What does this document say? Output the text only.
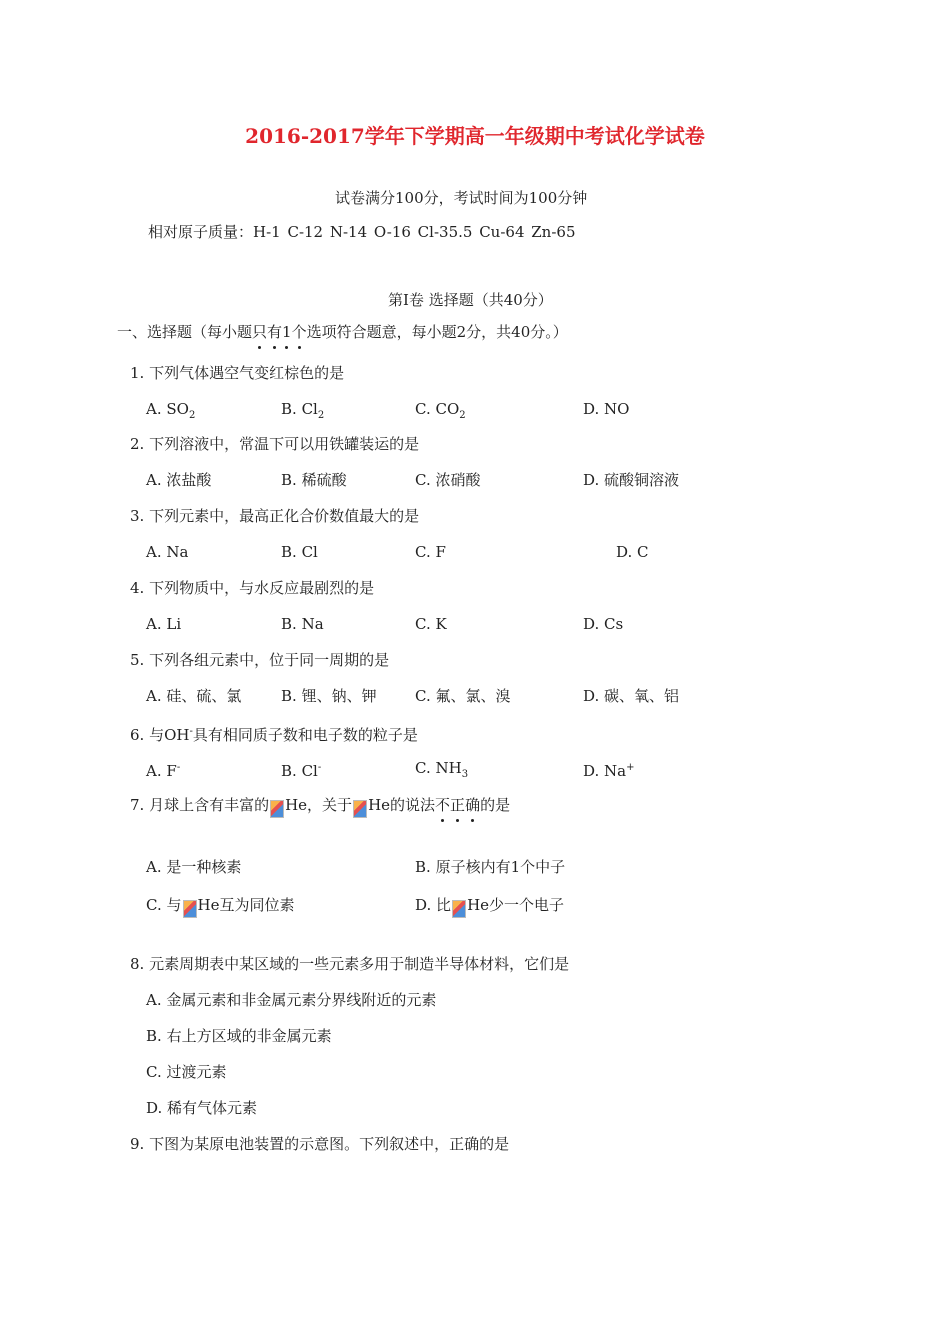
2016-2017学年下学期高一年级期中考试化学试卷
试卷满分100分，考试时间为100分钟
相对原子质量：H-1 C-12 N-14 O-16 Cl-35.5 Cu-64 Zn-65
第Ⅰ卷 选择题（共40分）
一、选择题（每小题只有1个选项符合题意，每小题2分，共40分。）
1. 下列气体遇空气变红棕色的是
A. $SO_2$	B. $Cl_2$	C. $CO_2$	D. NO
2. 下列溶液中，常温下可以用铁罐装运的是
A. 浓盐酸	B. 稀硫酸	C. 浓硝酸	D. 硫酸铜溶液
3. 下列元素中，最高正化合价数值最大的是
A. Na	B. Cl	C. F	D. C
4. 下列物质中，与水反应最剧烈的是
A. Li	B. Na	C. K	D. Cs
5. 下列各组元素中，位于同一周期的是
A. 硅、硫、氯	B. 锂、钠、钾	C. 氟、氯、溴	D. 碳、氧、铝
6. 与OH-具有相同质子数和电子数的粒子是
A. F-	B. Cl-	C. $NH_3$	D. Na+
7. 月球上含有丰富的 He，关于 He的说法不正确的是
A. 是一种核素	B. 原子核内有1个中子
C. 与 He互为同位素	D. 比 He少一个电子
8. 元素周期表中某区域的一些元素多用于制造半导体材料，它们是
A. 金属元素和非金属元素分界线附近的元素
B. 右上方区域的非金属元素
C. 过渡元素
D. 稀有气体元素
9. 下图为某原电池装置的示意图。下列叙述中，正确的是
